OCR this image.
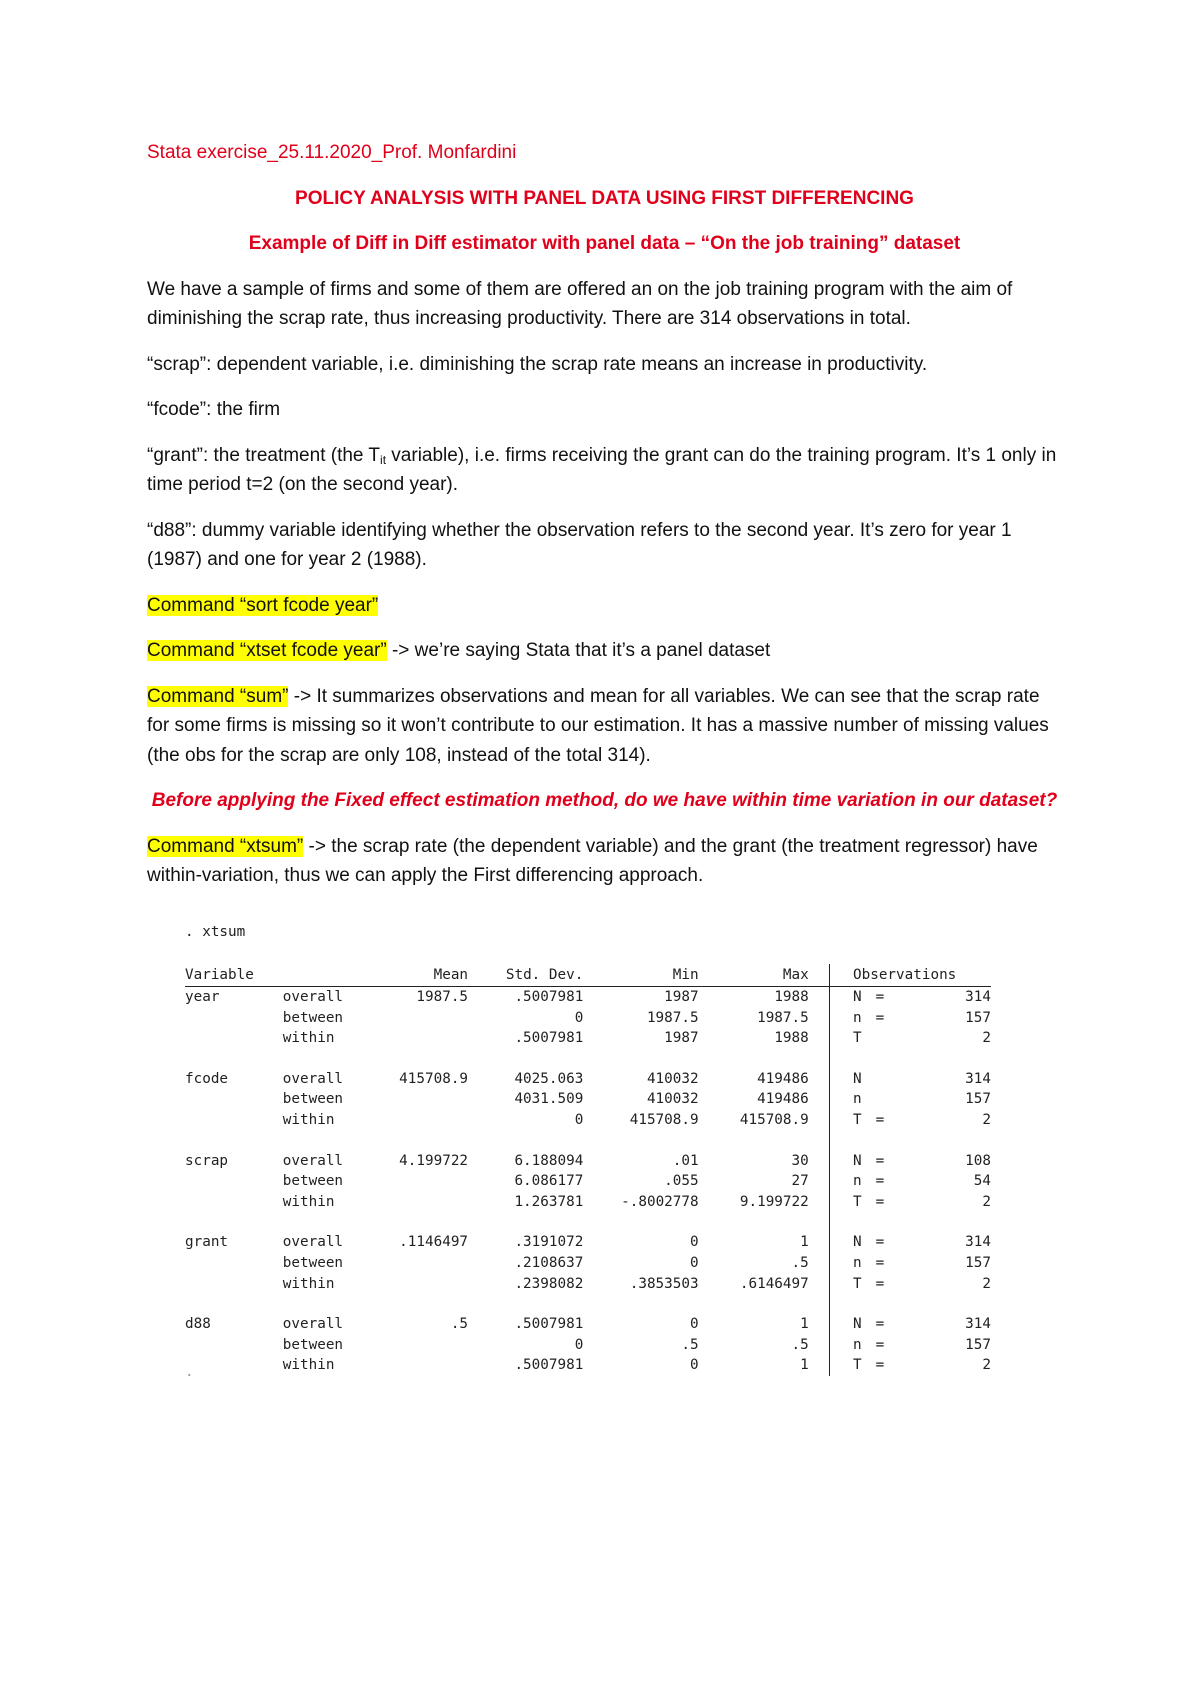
Stata exercise_25.11.2020_Prof. Monfardini

POLICY ANALYSIS WITH PANEL DATA USING FIRST DIFFERENCING

Example of Diff in Diff estimator with panel data – “On the job training” dataset

We have a sample of firms and some of them are offered an on the job training program with the aim of diminishing the scrap rate, thus increasing productivity. There are 314 observations in total.

“scrap”: dependent variable, i.e. diminishing the scrap rate means an increase in productivity.

“fcode”: the firm

“grant”: the treatment (the $T_{it}$ variable), i.e. firms receiving the grant can do the training program. It’s 1 only in time period t=2 (on the second year).

“d88”: dummy variable identifying whether the observation refers to the second year. It’s zero for year 1 (1987) and one for year 2 (1988).

Command “sort fcode year”

Command “xtset fcode year” -> we’re saying Stata that it’s a panel dataset

Command “sum” -> It summarizes observations and mean for all variables. We can see that the scrap rate for some firms is missing so it won’t contribute to our estimation. It has a massive number of missing values (the obs for the scrap are only 108, instead of the total 314).

Before applying the Fixed effect estimation method, do we have within time variation in our dataset?

Command “xtsum” -> the scrap rate (the dependent variable) and the grant (the treatment regressor) have within-variation, thus we can apply the First differencing approach.

. xtsum
Variable		Mean	Std. Dev.	Min	Max			Observations		
year	overall	1987.5	.5007981	1987	1988			N	=	314
	between		0	1987.5	1987.5			n	=	157
	within		.5007981	1987	1988			T		2

fcode	overall	415708.9	4025.063	410032	419486			N		314
	between		4031.509	410032	419486			n		157
	within		0	415708.9	415708.9			T	=	2

scrap	overall	4.199722	6.188094	.01	30			N	=	108
	between		6.086177	.055	27			n	=	54
	within		1.263781	-.8002778	9.199722			T	=	2

grant	overall	.1146497	.3191072	0	1			N	=	314
	between		.2108637	0	.5			n	=	157
	within		.2398082	.3853503	.6146497			T	=	2

d88	overall	.5	.5007981	0	1			N	=	314
	between		0	.5	.5			n	=	157
	within		.5007981	0	1			T	=	2
.
